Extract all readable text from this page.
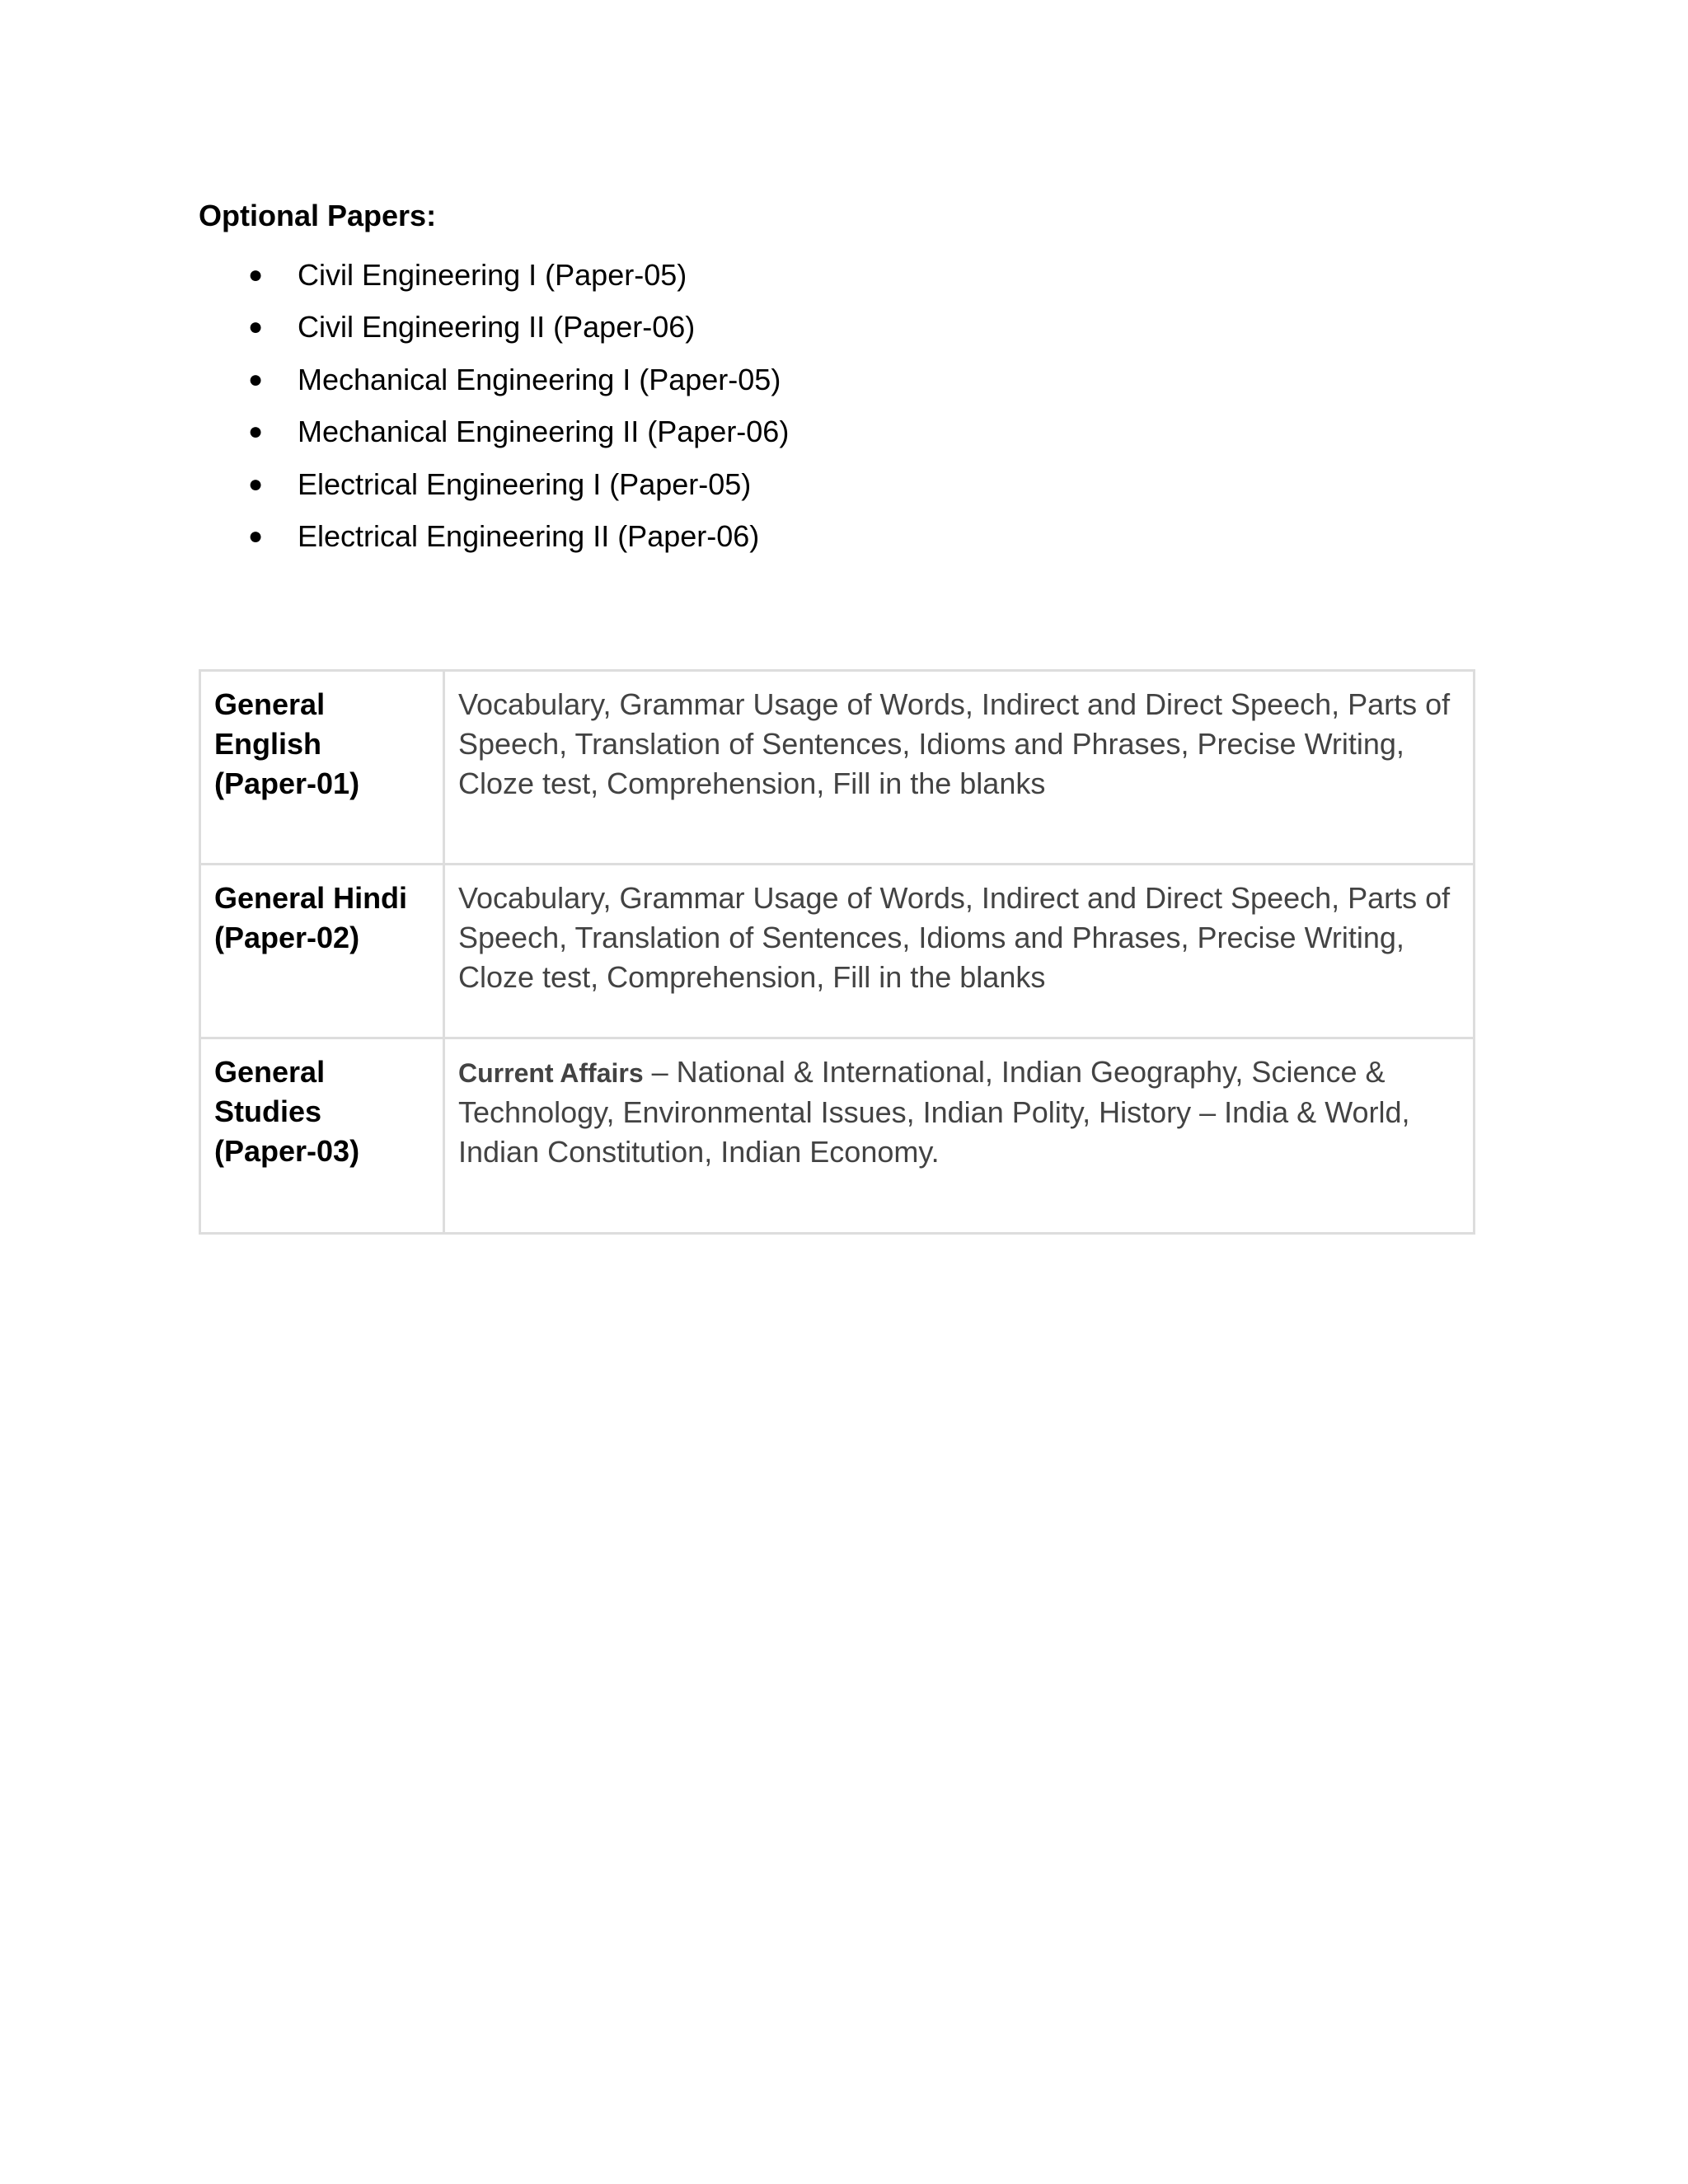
Optional Papers:
● Civil Engineering I (Paper-05)
● Civil Engineering II (Paper-06)
● Mechanical Engineering I (Paper-05)
● Mechanical Engineering II (Paper-06)
● Electrical Engineering I (Paper-05)
● Electrical Engineering II (Paper-06)
General English (Paper-01)	Vocabulary, Grammar Usage of Words, Indirect and Direct Speech, Parts of Speech, Translation of Sentences, Idioms and Phrases, Precise Writing, Cloze test, Comprehension, Fill in the blanks
General Hindi (Paper-02)	Vocabulary, Grammar Usage of Words, Indirect and Direct Speech, Parts of Speech, Translation of Sentences, Idioms and Phrases, Precise Writing, Cloze test, Comprehension, Fill in the blanks
General Studies (Paper-03)	Current Affairs – National & International, Indian Geography, Science & Technology, Environmental Issues, Indian Polity, History – India & World, Indian Constitution, Indian Economy.
